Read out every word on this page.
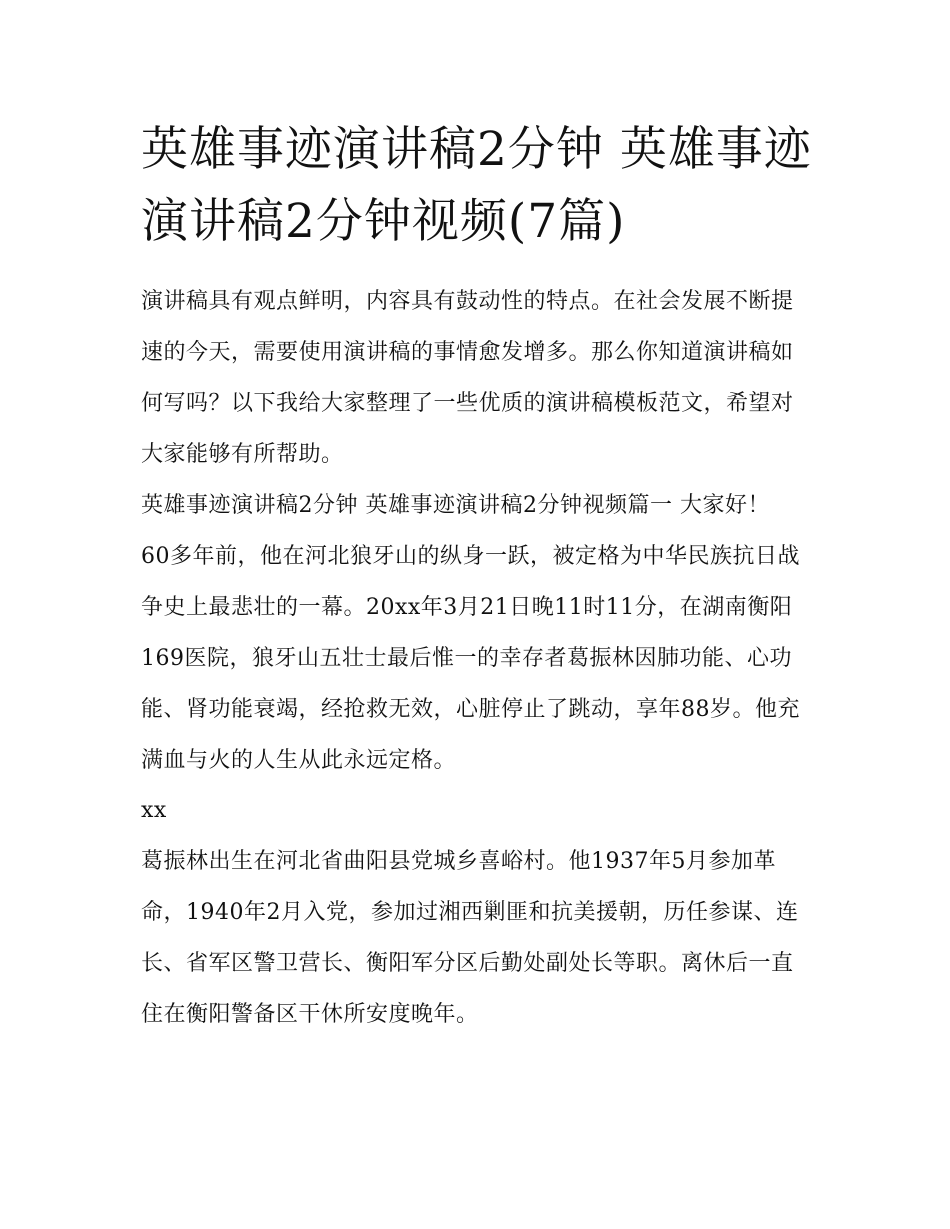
英雄事迹演讲稿2分钟 英雄事迹演讲稿2分钟视频(7篇)

演讲稿具有观点鲜明，内容具有鼓动性的特点。在社会发展不断提速的今天，需要使用演讲稿的事情愈发增多。那么你知道演讲稿如何写吗？以下我给大家整理了一些优质的演讲稿模板范文，希望对大家能够有所帮助。

英雄事迹演讲稿2分钟 英雄事迹演讲稿2分钟视频篇一 大家好！

60多年前，他在河北狼牙山的纵身一跃，被定格为中华民族抗日战争史上最悲壮的一幕。20xx年3月21日晚11时11分，在湖南衡阳169医院，狼牙山五壮士最后惟一的幸存者葛振林因肺功能、心功能、肾功能衰竭，经抢救无效，心脏停止了跳动，享年88岁。他充满血与火的人生从此永远定格。

xx

葛振林出生在河北省曲阳县党城乡喜峪村。他1937年5月参加革命，1940年2月入党，参加过湘西剿匪和抗美援朝，历任参谋、连长、省军区警卫营长、衡阳军分区后勤处副处长等职。离休后一直住在衡阳警备区干休所安度晚年。
